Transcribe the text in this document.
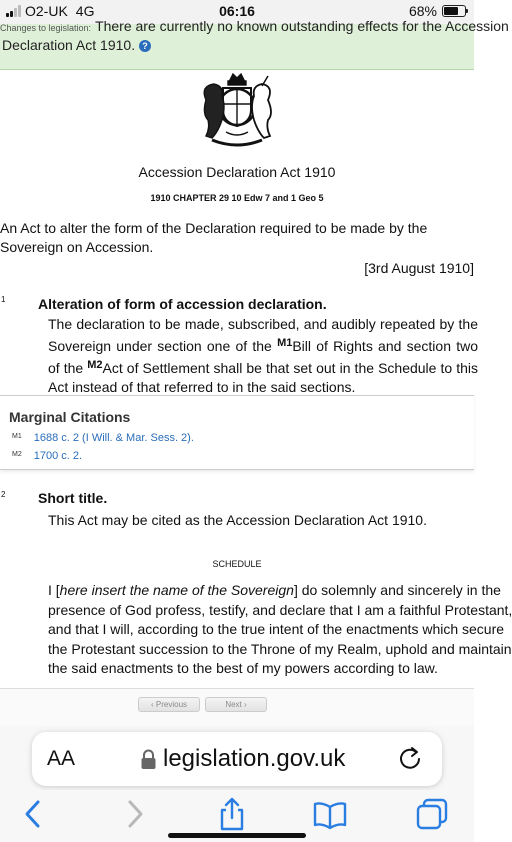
O2-UK 4G	06:16	68%
Changes to legislation: There are currently no known outstanding effects for the Accession
Declaration Act 1910. ?
Accession Declaration Act 1910
1910 CHAPTER 29 10 Edw 7 and 1 Geo 5
An Act to alter the form of the Declaration required to be made by the Sovereign on Accession.
[3rd August 1910]
1 Alteration of form of accession declaration.

The declaration to be made, subscribed, and audibly repeated by the Sovereign under section one of the $^{M1}$Bill of Rights and section two of the $^{M2}$Act of Settlement shall be that set out in the Schedule to this Act instead of that referred to in the said sections.

Marginal Citations
M1 1688 c. 2 (I Will. & Mar. Sess. 2).
M2 1700 c. 2.
2 Short title.
This Act may be cited as the Accession Declaration Act 1910.
SCHEDULE
I [here insert the name of the Sovereign] do solemnly and sincerely in the
presence of God profess, testify, and declare that I am a faithful Protestant,
and that I will, according to the true intent of the enactments which secure
the Protestant succession to the Throne of my Realm, uphold and maintain
the said enactments to the best of my powers according to law.
‹ Previous	Next ›
AA	legislation.gov.uk
